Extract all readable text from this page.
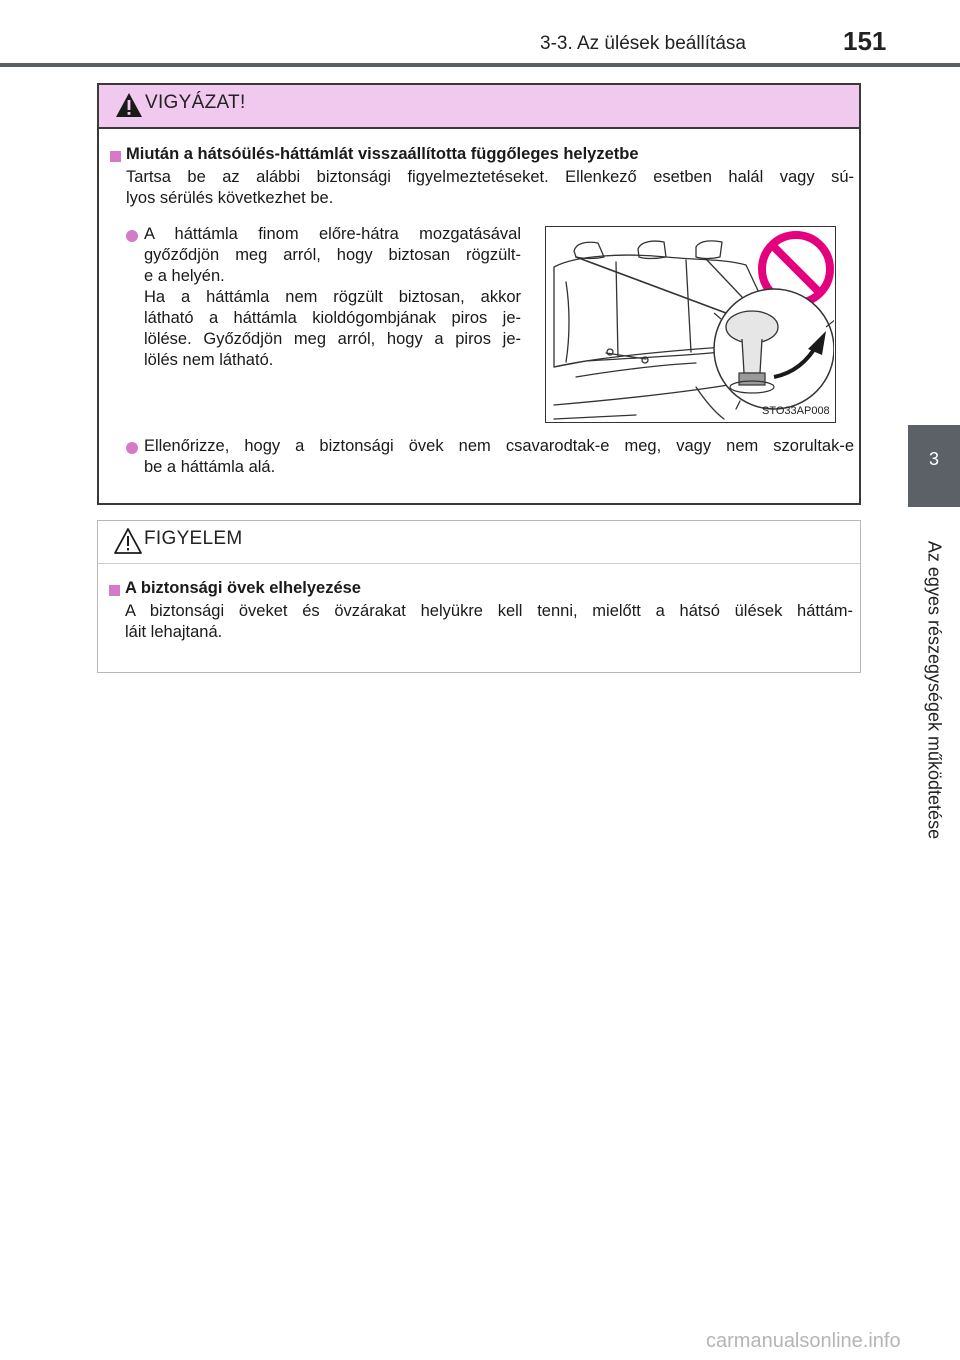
3-3. Az ülések beállítása	151
3
Az egyes részegységek működtetése
VIGYÁZAT!
Miután a hátsóülés-háttámlát visszaállította függőleges helyzetbe
Tartsa be az alábbi biztonsági figyelmeztetéseket. Ellenkező esetben halál vagy sú-
lyos sérülés következhet be.
A háttámla finom előre-hátra mozgatásával
győződjön meg arról, hogy biztosan rögzült-
e a helyén.
Ha a háttámla nem rögzült biztosan, akkor
látható a háttámla kioldógombjának piros je-
lölése. Győződjön meg arról, hogy a piros je-
lölés nem látható.
Ellenőrizze, hogy a biztonsági övek nem csavarodtak-e meg, vagy nem szorultak-e
be a háttámla alá.
STO33AP008
FIGYELEM
A biztonsági övek elhelyezése
A biztonsági öveket és övzárakat helyükre kell tenni, mielőtt a hátsó ülések háttám-
láit lehajtaná.
carmanualsonline.info
